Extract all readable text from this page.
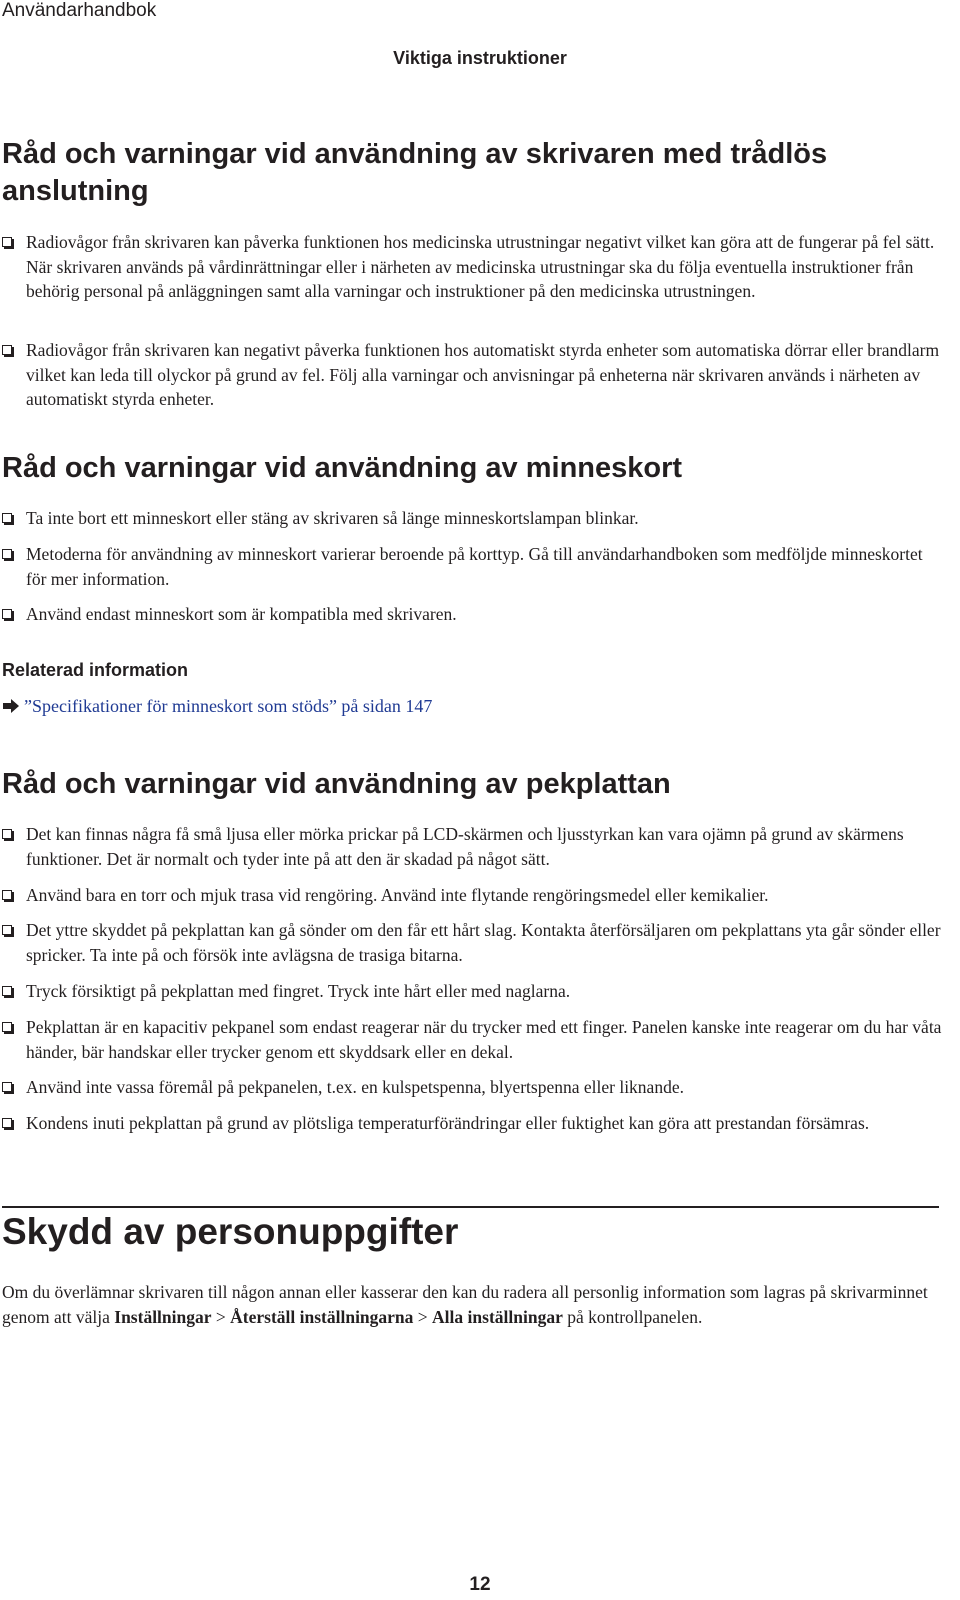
Användarhandbok
Viktiga instruktioner
Råd och varningar vid användning av skrivaren med trådlös
anslutning
Radiovågor från skrivaren kan påverka funktionen hos medicinska utrustningar negativt vilket kan göra att de fungerar på fel sätt. När skrivaren används på vårdinrättningar eller i närheten av medicinska utrustningar ska du följa eventuella instruktioner från behörig personal på anläggningen samt alla varningar och instruktioner på den medicinska utrustningen.
Radiovågor från skrivaren kan negativt påverka funktionen hos automatiskt styrda enheter som automatiska dörrar eller brandlarm vilket kan leda till olyckor på grund av fel. Följ alla varningar och anvisningar på enheterna när skrivaren används i närheten av automatiskt styrda enheter.
Råd och varningar vid användning av minneskort
Ta inte bort ett minneskort eller stäng av skrivaren så länge minneskortslampan blinkar.
Metoderna för användning av minneskort varierar beroende på korttyp. Gå till användarhandboken som medföljde minneskortet för mer information.
Använd endast minneskort som är kompatibla med skrivaren.
Relaterad information
”Specifikationer för minneskort som stöds” på sidan 147
Råd och varningar vid användning av pekplattan
Det kan finnas några få små ljusa eller mörka prickar på LCD-skärmen och ljusstyrkan kan vara ojämn på grund av skärmens funktioner. Det är normalt och tyder inte på att den är skadad på något sätt.
Använd bara en torr och mjuk trasa vid rengöring. Använd inte flytande rengöringsmedel eller kemikalier.
Det yttre skyddet på pekplattan kan gå sönder om den får ett hårt slag. Kontakta återförsäljaren om pekplattans yta går sönder eller spricker. Ta inte på och försök inte avlägsna de trasiga bitarna.
Tryck försiktigt på pekplattan med fingret. Tryck inte hårt eller med naglarna.
Pekplattan är en kapacitiv pekpanel som endast reagerar när du trycker med ett finger. Panelen kanske inte reagerar om du har våta händer, bär handskar eller trycker genom ett skyddsark eller en dekal.
Använd inte vassa föremål på pekpanelen, t.ex. en kulspetspenna, blyertspenna eller liknande.
Kondens inuti pekplattan på grund av plötsliga temperaturförändringar eller fuktighet kan göra att prestandan försämras.
Skydd av personuppgifter
Om du överlämnar skrivaren till någon annan eller kasserar den kan du radera all personlig information som lagras på skrivarminnet genom att välja Inställningar > Återställ inställningarna > Alla inställningar på kontrollpanelen.
12
